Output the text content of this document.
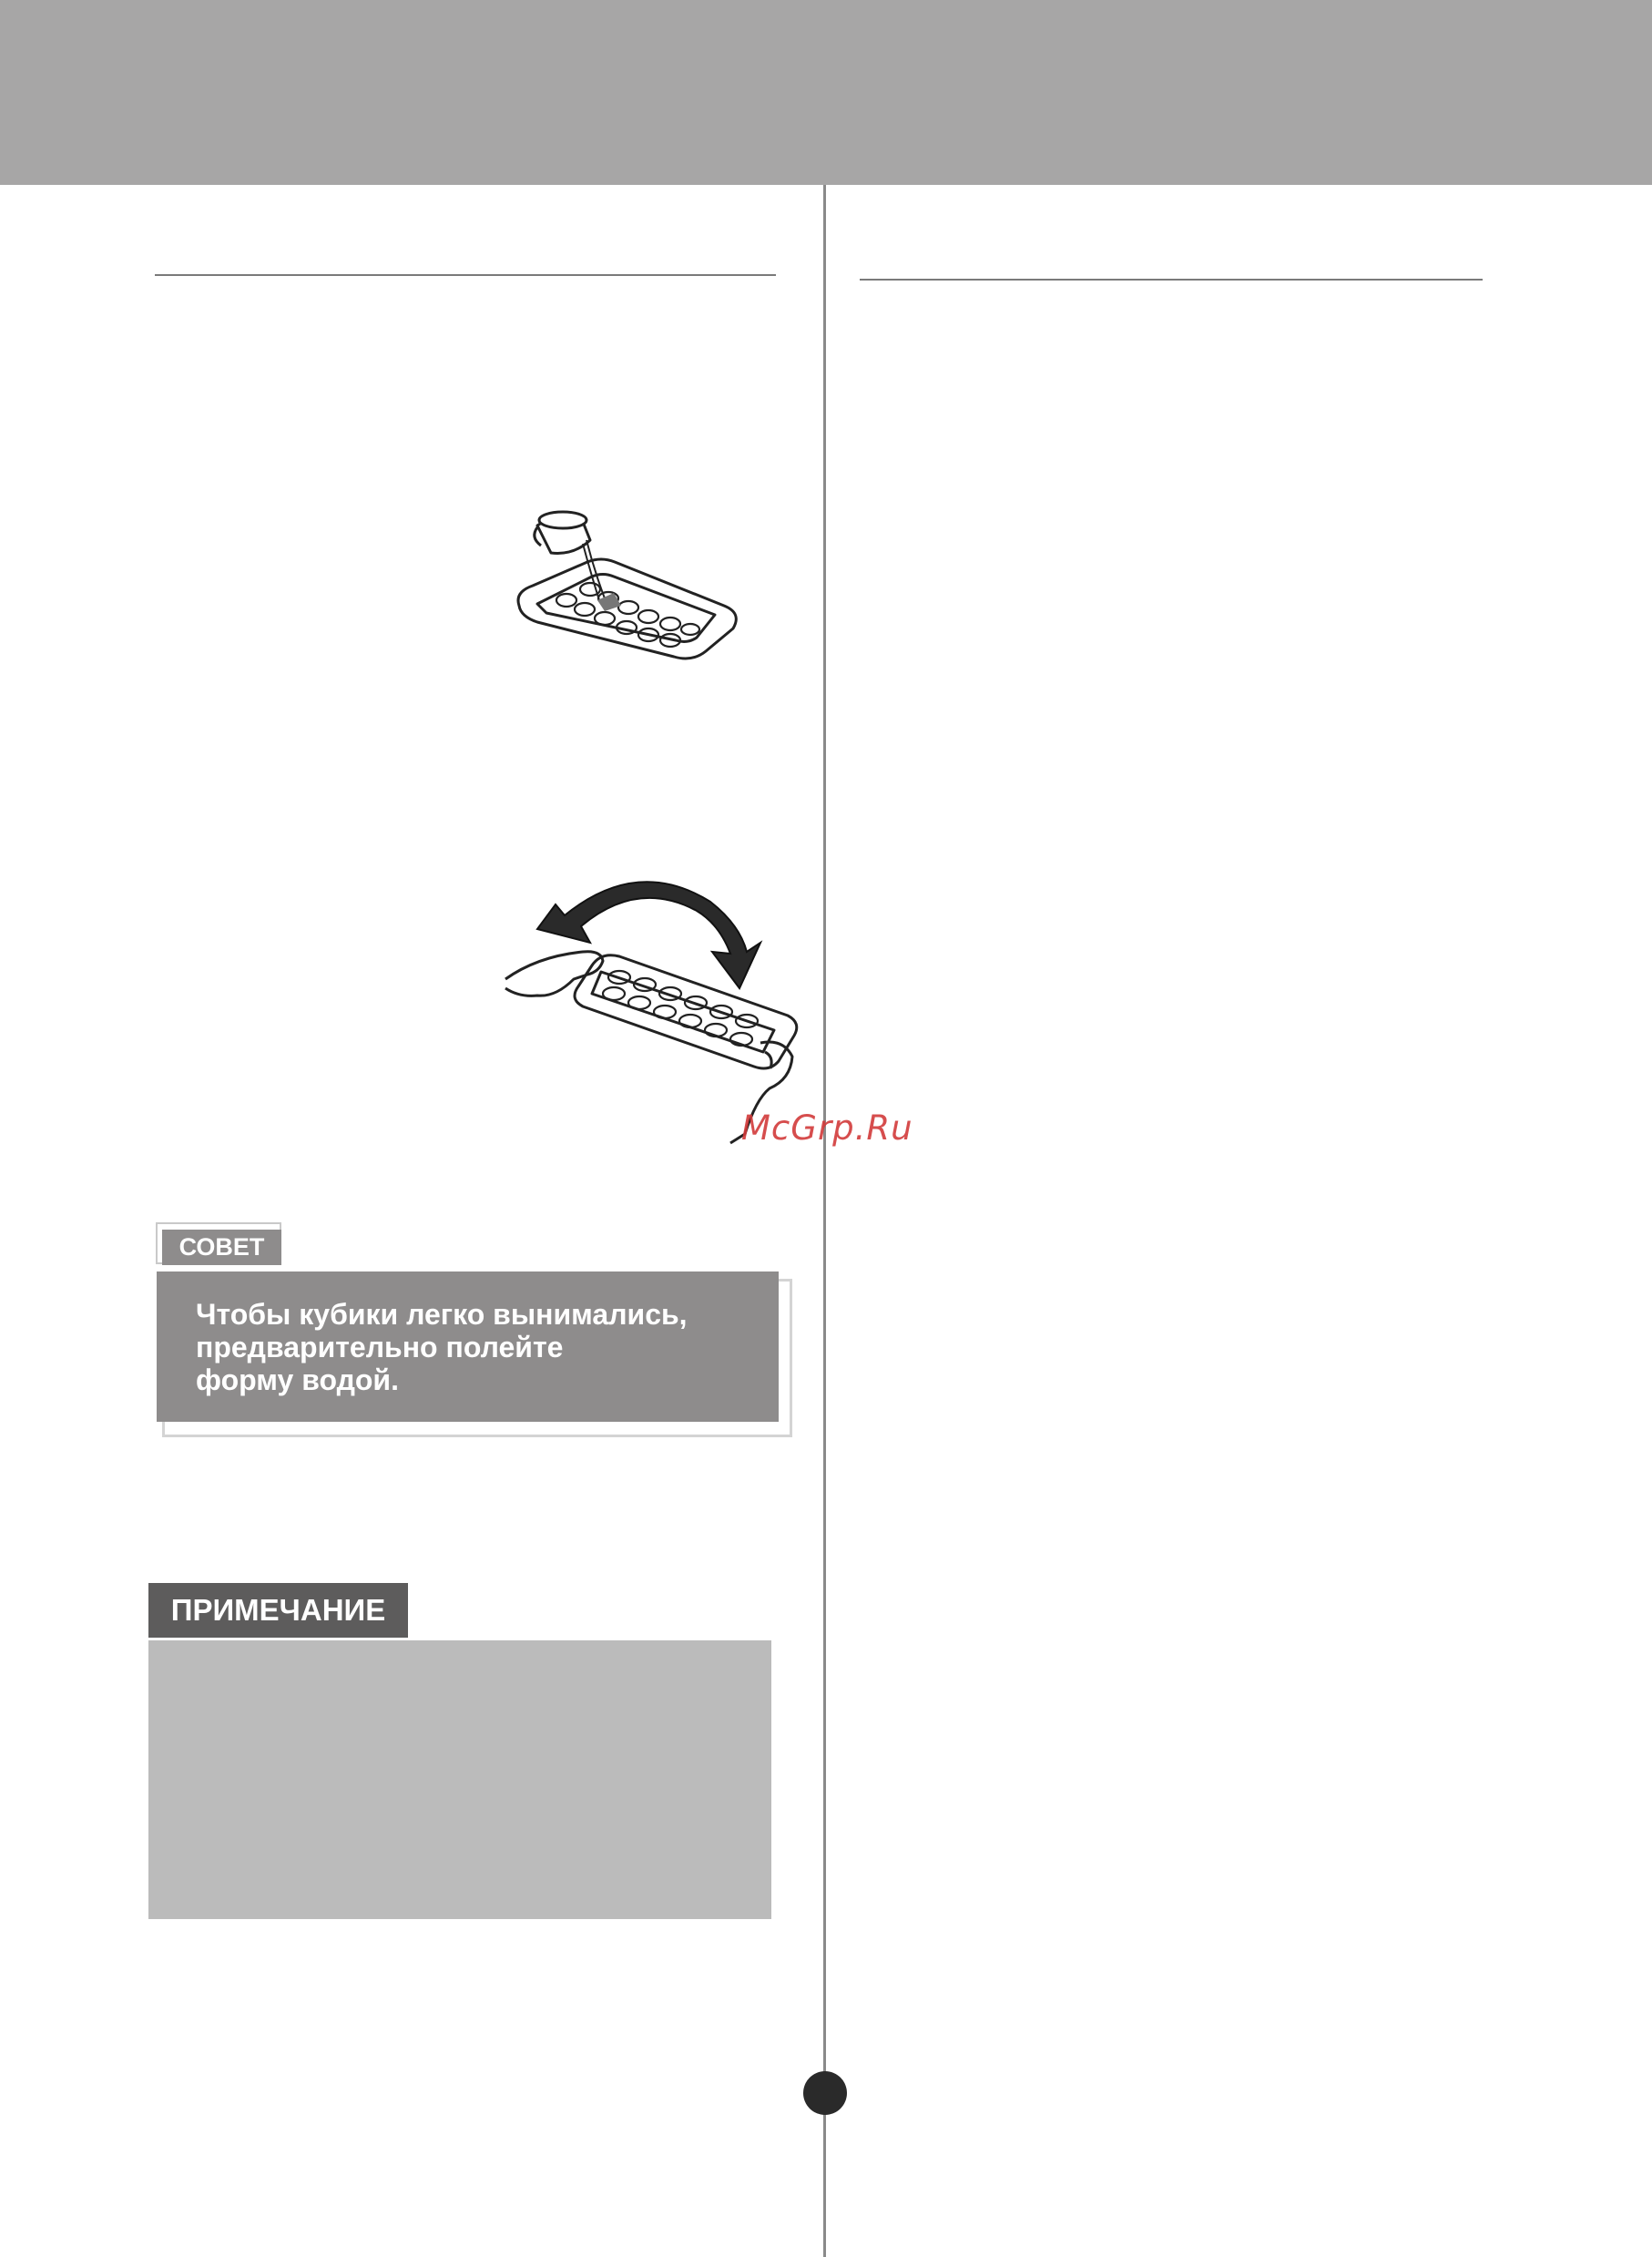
McGrp.Ru
СОВЕТ
Чтобы кубики легко вынимались,
предварительно полейте
форму водой.
ПРИМЕЧАНИЕ
